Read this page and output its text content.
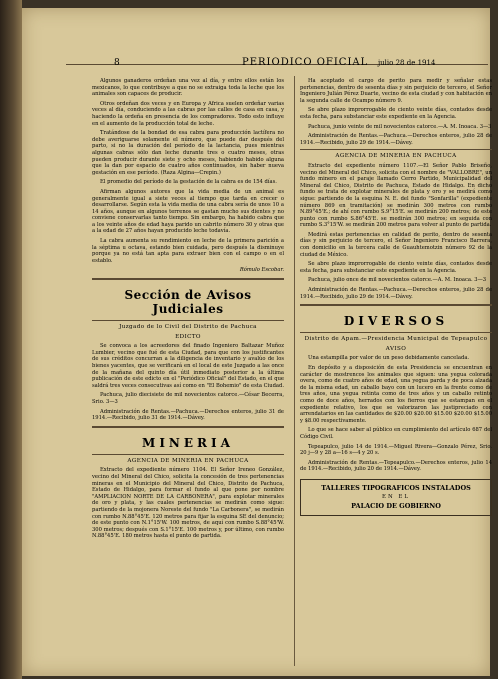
8	PERIODICO OFICIAL julio 28 de 1914

Algunos ganaderos ordeñan una vez al día, y entre ellos están los mexicanos, lo que contribuye a que no se extraiga toda la leche que los animales son capaces de producir.

Otros ordeñan dos veces y en Europa y Africa suelen ordeñar varias veces al día, conduciendo a las cabras por las calles de casa en casa, y haciendo la ordeña en presencia de los compradores. Todo esto influye en el aumento de la producción total de leche.

Tratándose de la bondad de esa cabra para producción lactífera no debe averiguarse solamente el número, que puede dar después del parto, si no la duración del período de la lactancia, pues mientras algunas cabras sólo dan leche durante tres o cuatro meses, otras pueden producir durante siete y ocho meses, habiendo habido alguna que la dan por espacio de cuatro años continuados, sin haber nueva gestación en ese período. (Raza Algina—Crepin.)

El promedio del período de la gestación de la cabra es de 154 días.

Afirman algunos autores que la vida media de un animal es generalmente igual a siete veces al tiempo que tarda en crecer o desarrollarse. Según esta la vida media de una cabra sería de unos 10 a 14 años, aunque en algunos terrenos se gastan mucho sus dientes y no conviene conservarlas tanto tiempo. Sin embargo, ha habido cabra que a los veinte años de edad haya parido un cabrito número 30 y otras que a la edad de 27 años hayan producido leche todavía.

La cabra aumenta su rendimiento en leche de la primera parición a la séptima u octava, estando bien cuidada, pero después la disminuye porque ya no está tan apta para extraer bien con el campo o en el establo.

Rómulo Escobar.
Sección de Avisos Judiciales
Juzgado de lo Civil del Distrito de Pachuca
EDICTO

Se convoca a los acreedores del finado Ingeniero Baltazar Muñoz Lumbier, vecino que fué de esta Ciudad, para que con los justificantes de sus créditos concurran a la diligencia de inventario y avalúo de los bienes yacentes, que se verificará en el local de este Juzgado a las once de la mañana del quinto día útil inmediato posterior a la última publicación de este edicto en el "Periódico Oficial" del Estado, en el que saldrá tres veces consecutivas así como en "El Bohemio" de esta Ciudad.

Pachuca, julio diecisiete de mil novecientos catorce.—César Becerra, Srio. 3—3

Administración de Rentas.—Pachuca.—Derechos enteros, julio 31 de 1914.—Recibido, julio 31 de 1914.—Dávey.

MINERIA
AGENCIA DE MINERIA EN PACHUCA

Extracto del expediente número 1104. El Señor Ireneo González, vecino del Mineral del Chico, solicita la concesión de tres pertenencias mineras en el Municipio del Mineral del Chico, Distrito de Pachuca, Estado de Hidalgo, para formar el fundo al que pone por nombre "AMPLIACION NORTE DE LA CARBONERA", para explotar minerales de oro y plata, y las cuales pertenencias se medirán como sigue: partiendo de la mojonera Noreste del fundo "La Carbonera", se medirán con rumbo N.88°45'E. 120 metros para fijar la esquina SE del denuncio; de este punto con N.1°15'W. 100 metros, de aquí con rumbo S.88°45'W. 300 metros; después con S.1°15'E. 100 metros y, por último, con rumbo N.88°45'E. 180 metros hasta el punto de partida.

Ha aceptado el cargo de perito para medir y señalar estas pertenencias, dentro de sesenta días y sin perjuicio de tercero, el Señor Ingeniero Julián Pérez Duarte, vecino de esta ciudad y con habitación en la segunda calle de Ocampo número 9.

Se abre plazo improrrogable de ciento veinte días, contados desde esta fecha, para substanciar este expediente en la Agencia.

Pachuca, junio veinte de mil novecientos catorce.—A. M. Inoaca. 3—3

Administración de Rentas.—Pachuca.—Derechos enteros, julio 28 de 1914.—Recibido, julio 29 de 1914.—Dávey.

AGENCIA DE MINERIA EN PACHUCA

Extracto del expediente número 1107.—El Señor Pablo Briseño, vecino del Mineral del Chico, solicita con el nombre de "VALLOBRE", un fundo minero en el paraje llamado Cerro Partido, Municipalidad del Mineral del Chico, Distrito de Pachuca, Estado de Hidalgo. En dicho fundo se trata de explotar minerales de plata y oro y se medirá como sigue: partiendo de la esquina N. E. del fundo "Sonfarilla" (expediente número 869 en tramitación) se medirán 300 metros con rumbo N.89°45'E.; de ahí con rumbo S.9°15'E. se medirán 200 metros; de este punto con rumbo S.86°45'E. se medirán 300 metros; en seguida con rumbo S.3°15'W. se medirán 200 metros para volver al punto de partida.

Medirá estas pertenencias en calidad de perito, dentro de sesenta días y sin perjuicio de tercero, el Señor Ingeniero Francisco Barrera, con domicilio en la tercera calle de Guauhtemotzin número 92 de la ciudad de México.

Se abre plazo improrrogable de ciento veinte días, contados desde esta fecha, para substanciar este expediente en la Agencia.

Pachuca, julio once de mil novecientos catorce.—A. M. Inoaca. 3—3

Administración de Rentas.—Pachuca.—Derechos enteros, julio 28 de 1914.—Recibido, julio 29 de 1914.—Dávey.

DIVERSOS
Distrito de Apam.—Presidencia Municipal de Tepeapulco
AVISO

Una estampilla por valor de un peso debidamente cancelada.

En depósito y a disposición de esta Presidencia se encuentran en carácter de mostrencos los animales que siguen: una yegua colorada overa, como de cuatro años de edad, una yegua parda y de poca alzada de la misma edad, un caballo bayo con un lucero en la frente como de tres años, una yegua retinta como de tres años y un caballo retinto como de doce años, herrados con los fierros que se estampan en el expediente relativo, los que se valorizaron las justipreciado con arrendatarios en las cantidades de $20.00 $20.00 $15.00 $20.00 $15.00 y $8.00 respectivamente.

Lo que se hace saber al público en cumplimiento del artículo 687 del Código Civil.

Tepeapulco, julio 14 de 1914.—Miguel Rivera—Gonzalo Pérez, Srio. 20 j—9 y 28 a—16 s—4 y 20 s.

Administración de Rentas.—Tepeapulco.—Derechos enteros, julio 14 de 1914.—Recibido, julio 20 de 1914.—Dávey.

TALLERES TIPOGRAFICOS INSTALADOS
EN EL
PALACIO DE GOBIERNO
